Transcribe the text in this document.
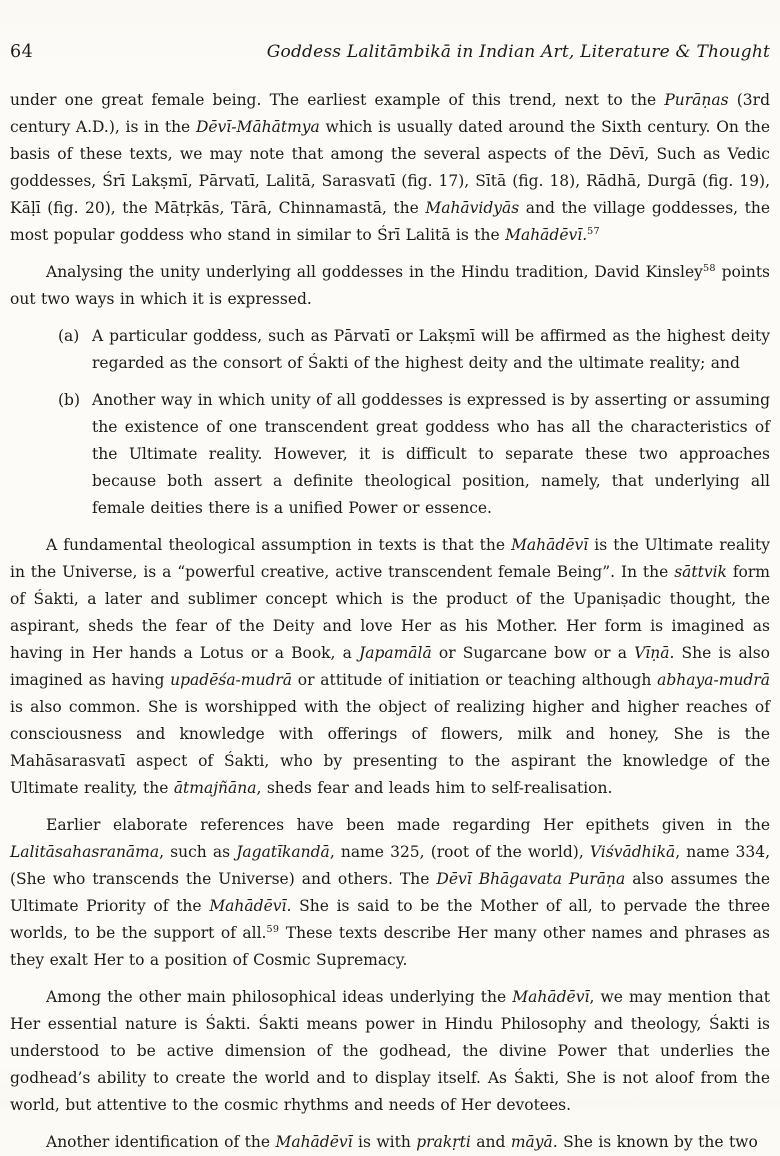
64	Goddess Lalitāmbikā in Indian Art, Literature & Thought
under one great female being. The earliest example of this trend, next to the Purāṇas (3rd century A.D.), is in the Dēvī-Māhātmya which is usually dated around the Sixth century. On the basis of these texts, we may note that among the several aspects of the Dēvī, Such as Vedic goddesses, Śrī Lakṣmī, Pārvatī, Lalitā, Sarasvatī (fig. 17), Sītā (fig. 18), Rādhā, Durgā (fig. 19), Kāḷī (fig. 20), the Mātṛkās, Tārā, Chinnamastā, the Mahāvidyās and the village goddesses, the most popular goddess who stand in similar to Śrī Lalitā is the Mahādēvī.$^{57}$
Analysing the unity underlying all goddesses in the Hindu tradition, David Kinsley$^{58}$ points out two ways in which it is expressed.
(a) A particular goddess, such as Pārvatī or Lakṣmī will be affirmed as the highest deity regarded as the consort of Śakti of the highest deity and the ultimate reality; and
(b) Another way in which unity of all goddesses is expressed is by asserting or assuming the existence of one transcendent great goddess who has all the characteristics of the Ultimate reality. However, it is difficult to separate these two approaches because both assert a definite theological position, namely, that underlying all female deities there is a unified Power or essence.
A fundamental theological assumption in texts is that the Mahādēvī is the Ultimate reality in the Universe, is a “powerful creative, active transcendent female Being”. In the sāttvik form of Śakti, a later and sublimer concept which is the product of the Upaniṣadic thought, the aspirant, sheds the fear of the Deity and love Her as his Mother. Her form is imagined as having in Her hands a Lotus or a Book, a Japamālā or Sugarcane bow or a Vīṇā. She is also imagined as having upadēśa-mudrā or attitude of initiation or teaching although abhaya-mudrā is also common. She is worshipped with the object of realizing higher and higher reaches of consciousness and knowledge with offerings of flowers, milk and honey, She is the Mahāsarasvatī aspect of Śakti, who by presenting to the aspirant the knowledge of the Ultimate reality, the ātmajñāna, sheds fear and leads him to self-realisation.
Earlier elaborate references have been made regarding Her epithets given in the Lalitāsahasranāma, such as Jagatīkandā, name 325, (root of the world), Viśvādhikā, name 334, (She who transcends the Universe) and others. The Dēvī Bhāgavata Purāṇa also assumes the Ultimate Priority of the Mahādēvī. She is said to be the Mother of all, to pervade the three worlds, to be the support of all.$^{59}$ These texts describe Her many other names and phrases as they exalt Her to a position of Cosmic Supremacy.
Among the other main philosophical ideas underlying the Mahādēvī, we may mention that Her essential nature is Śakti. Śakti means power in Hindu Philosophy and theology, Śakti is understood to be active dimension of the godhead, the divine Power that underlies the godhead’s ability to create the world and to display itself. As Śakti, She is not aloof from the world, but attentive to the cosmic rhythms and needs of Her devotees.
Another identification of the Mahādēvī is with prakṛti and māyā. She is known by the two
